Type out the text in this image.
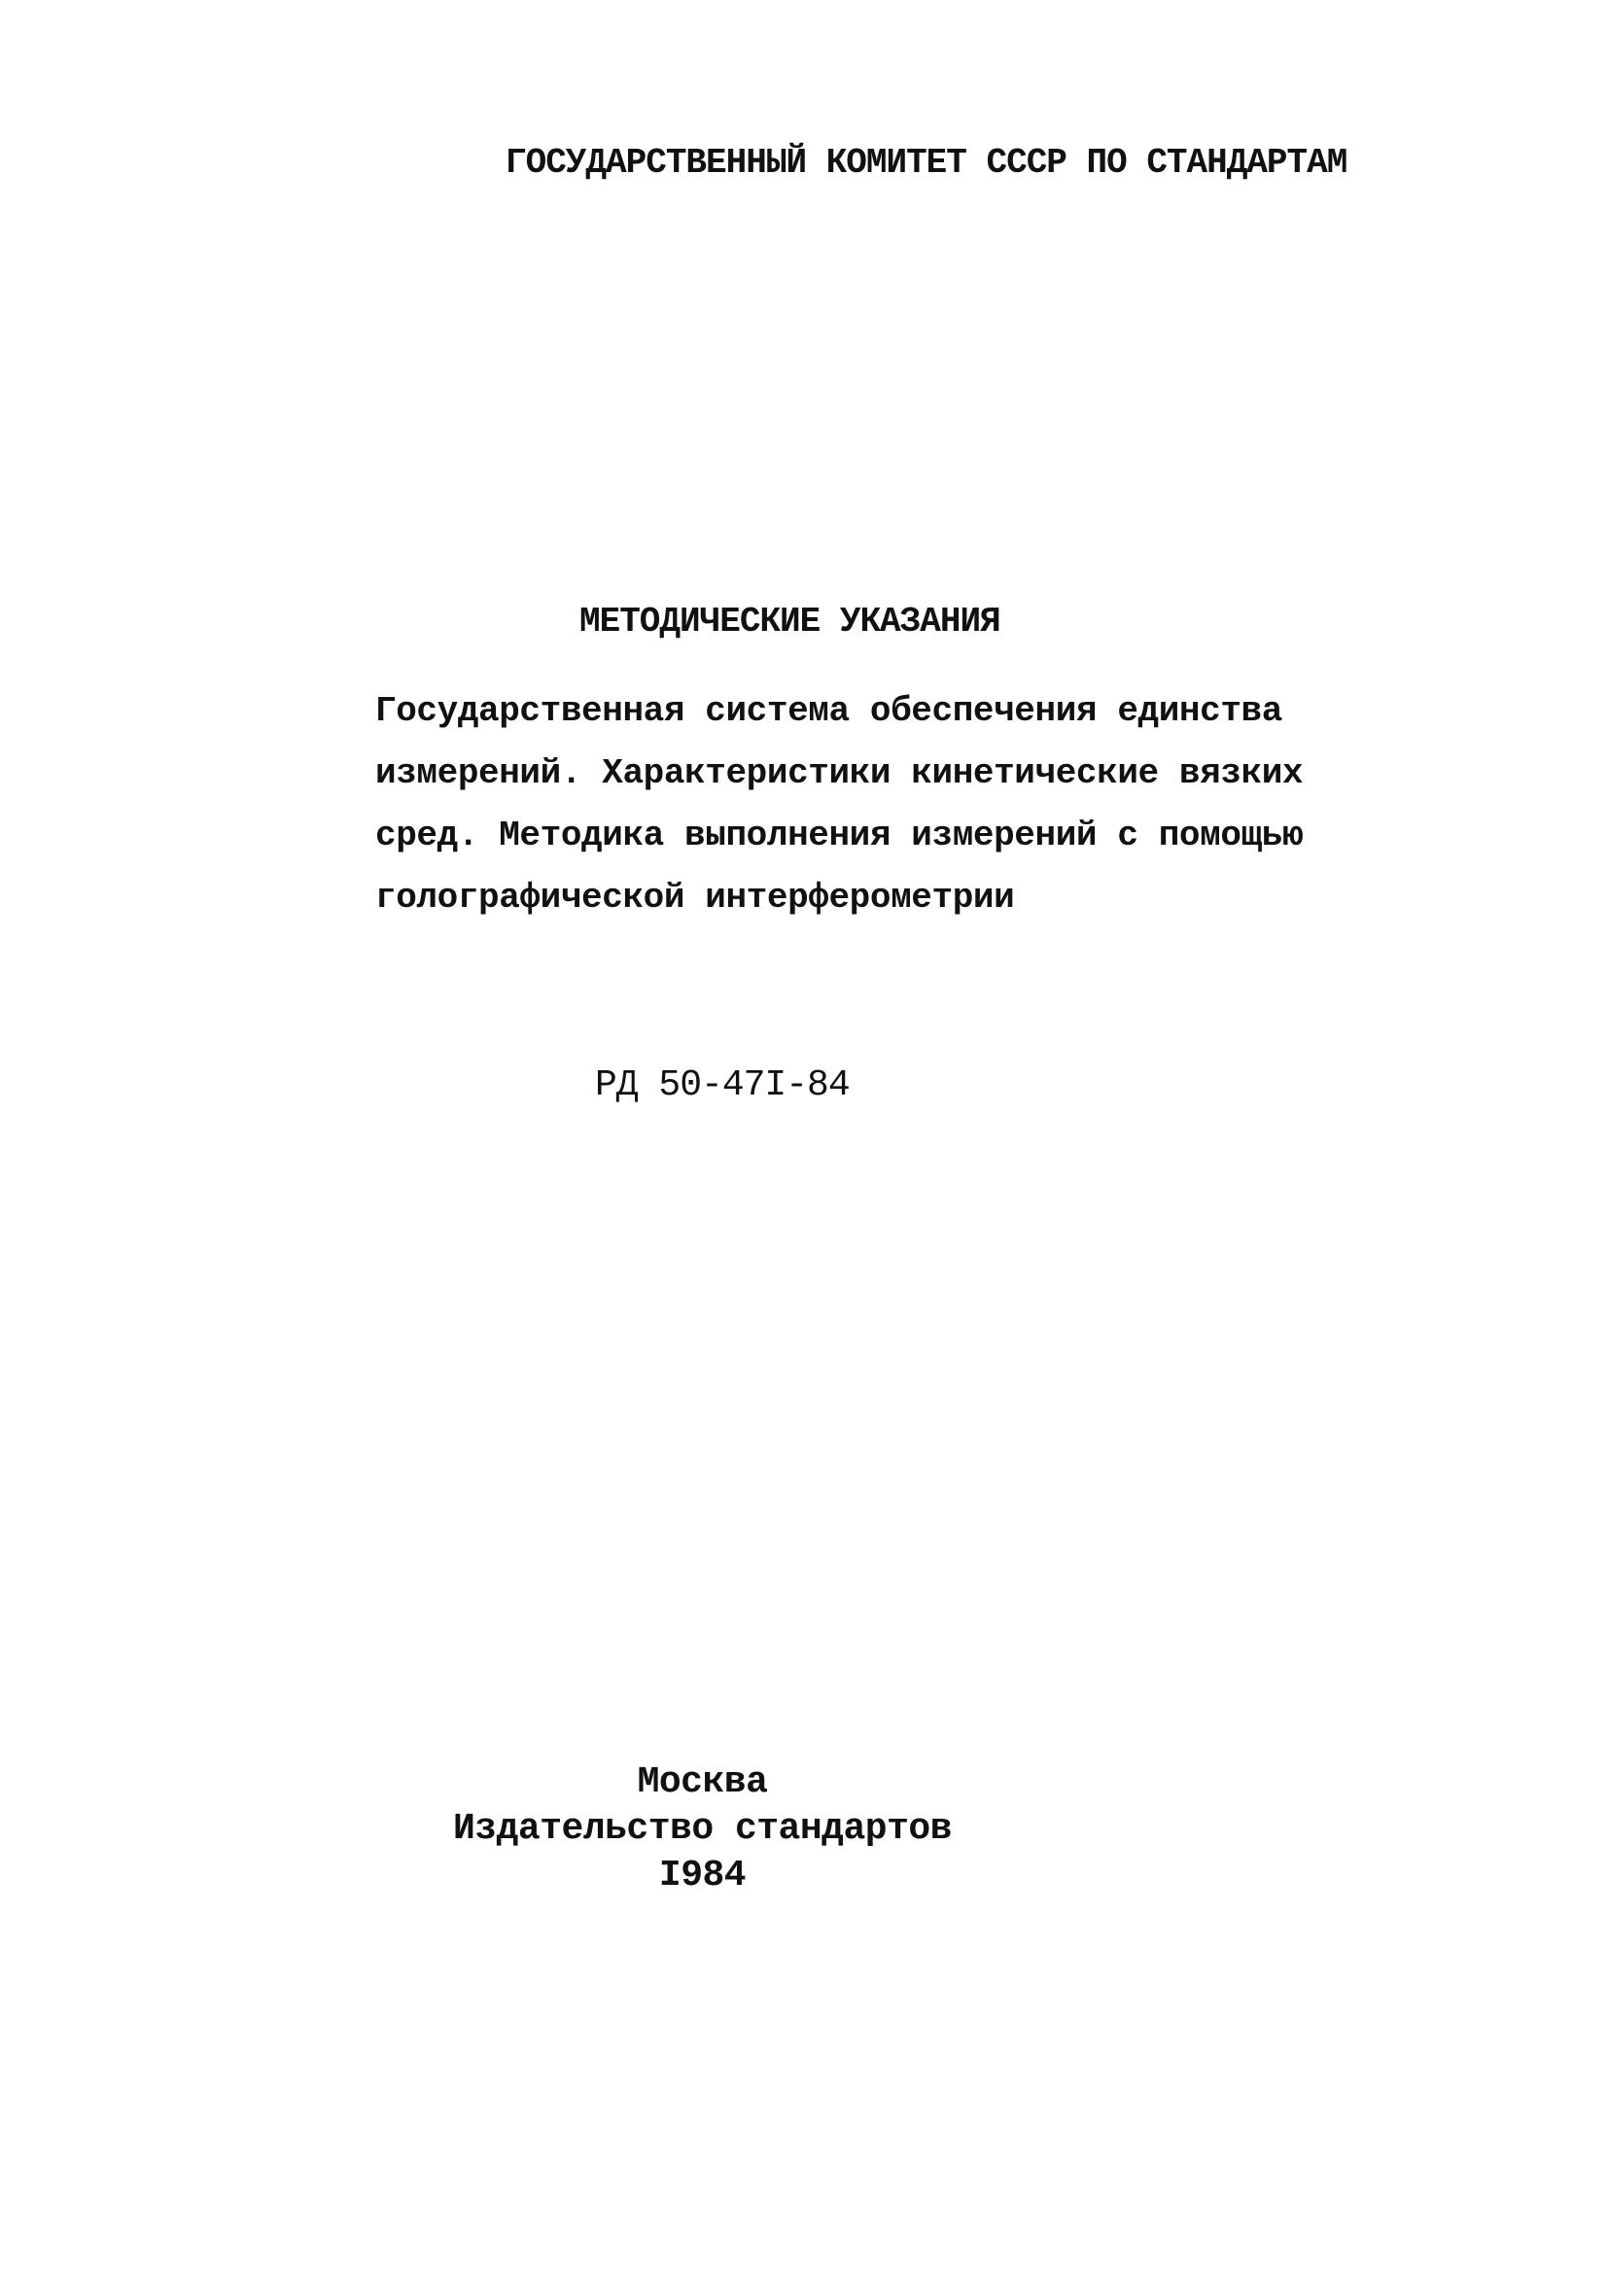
ГОСУДАРСТВЕННЫЙ КОМИТЕТ СССР ПО СТАНДАРТАМ
МЕТОДИЧЕСКИЕ УКАЗАНИЯ
Государственная система обеспечения единства
измерений. Характеристики кинетические вязких
сред. Методика выполнения измерений с помощью
голографической интерферометрии
РД 50-47I-84
Москва
Издательство стандартов
I984
